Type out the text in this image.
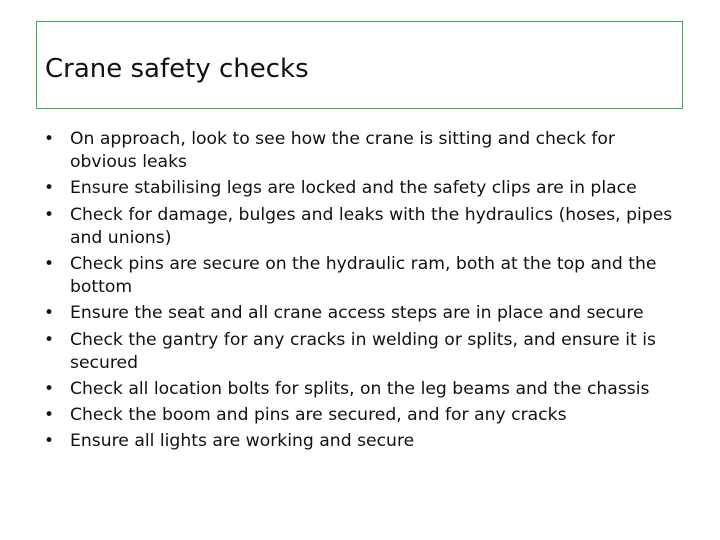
Crane safety checks
• On approach, look to see how the crane is sitting and check for obvious leaks
• Ensure stabilising legs are locked and the safety clips are in place
• Check for damage, bulges and leaks with the hydraulics (hoses, pipes and unions)
• Check pins are secure on the hydraulic ram, both at the top and the bottom
• Ensure the seat and all crane access steps are in place and secure
• Check the gantry for any cracks in welding or splits, and ensure it is secured
• Check all location bolts for splits, on the leg beams and the chassis
• Check the boom and pins are secured, and for any cracks
• Ensure all lights are working and secure
